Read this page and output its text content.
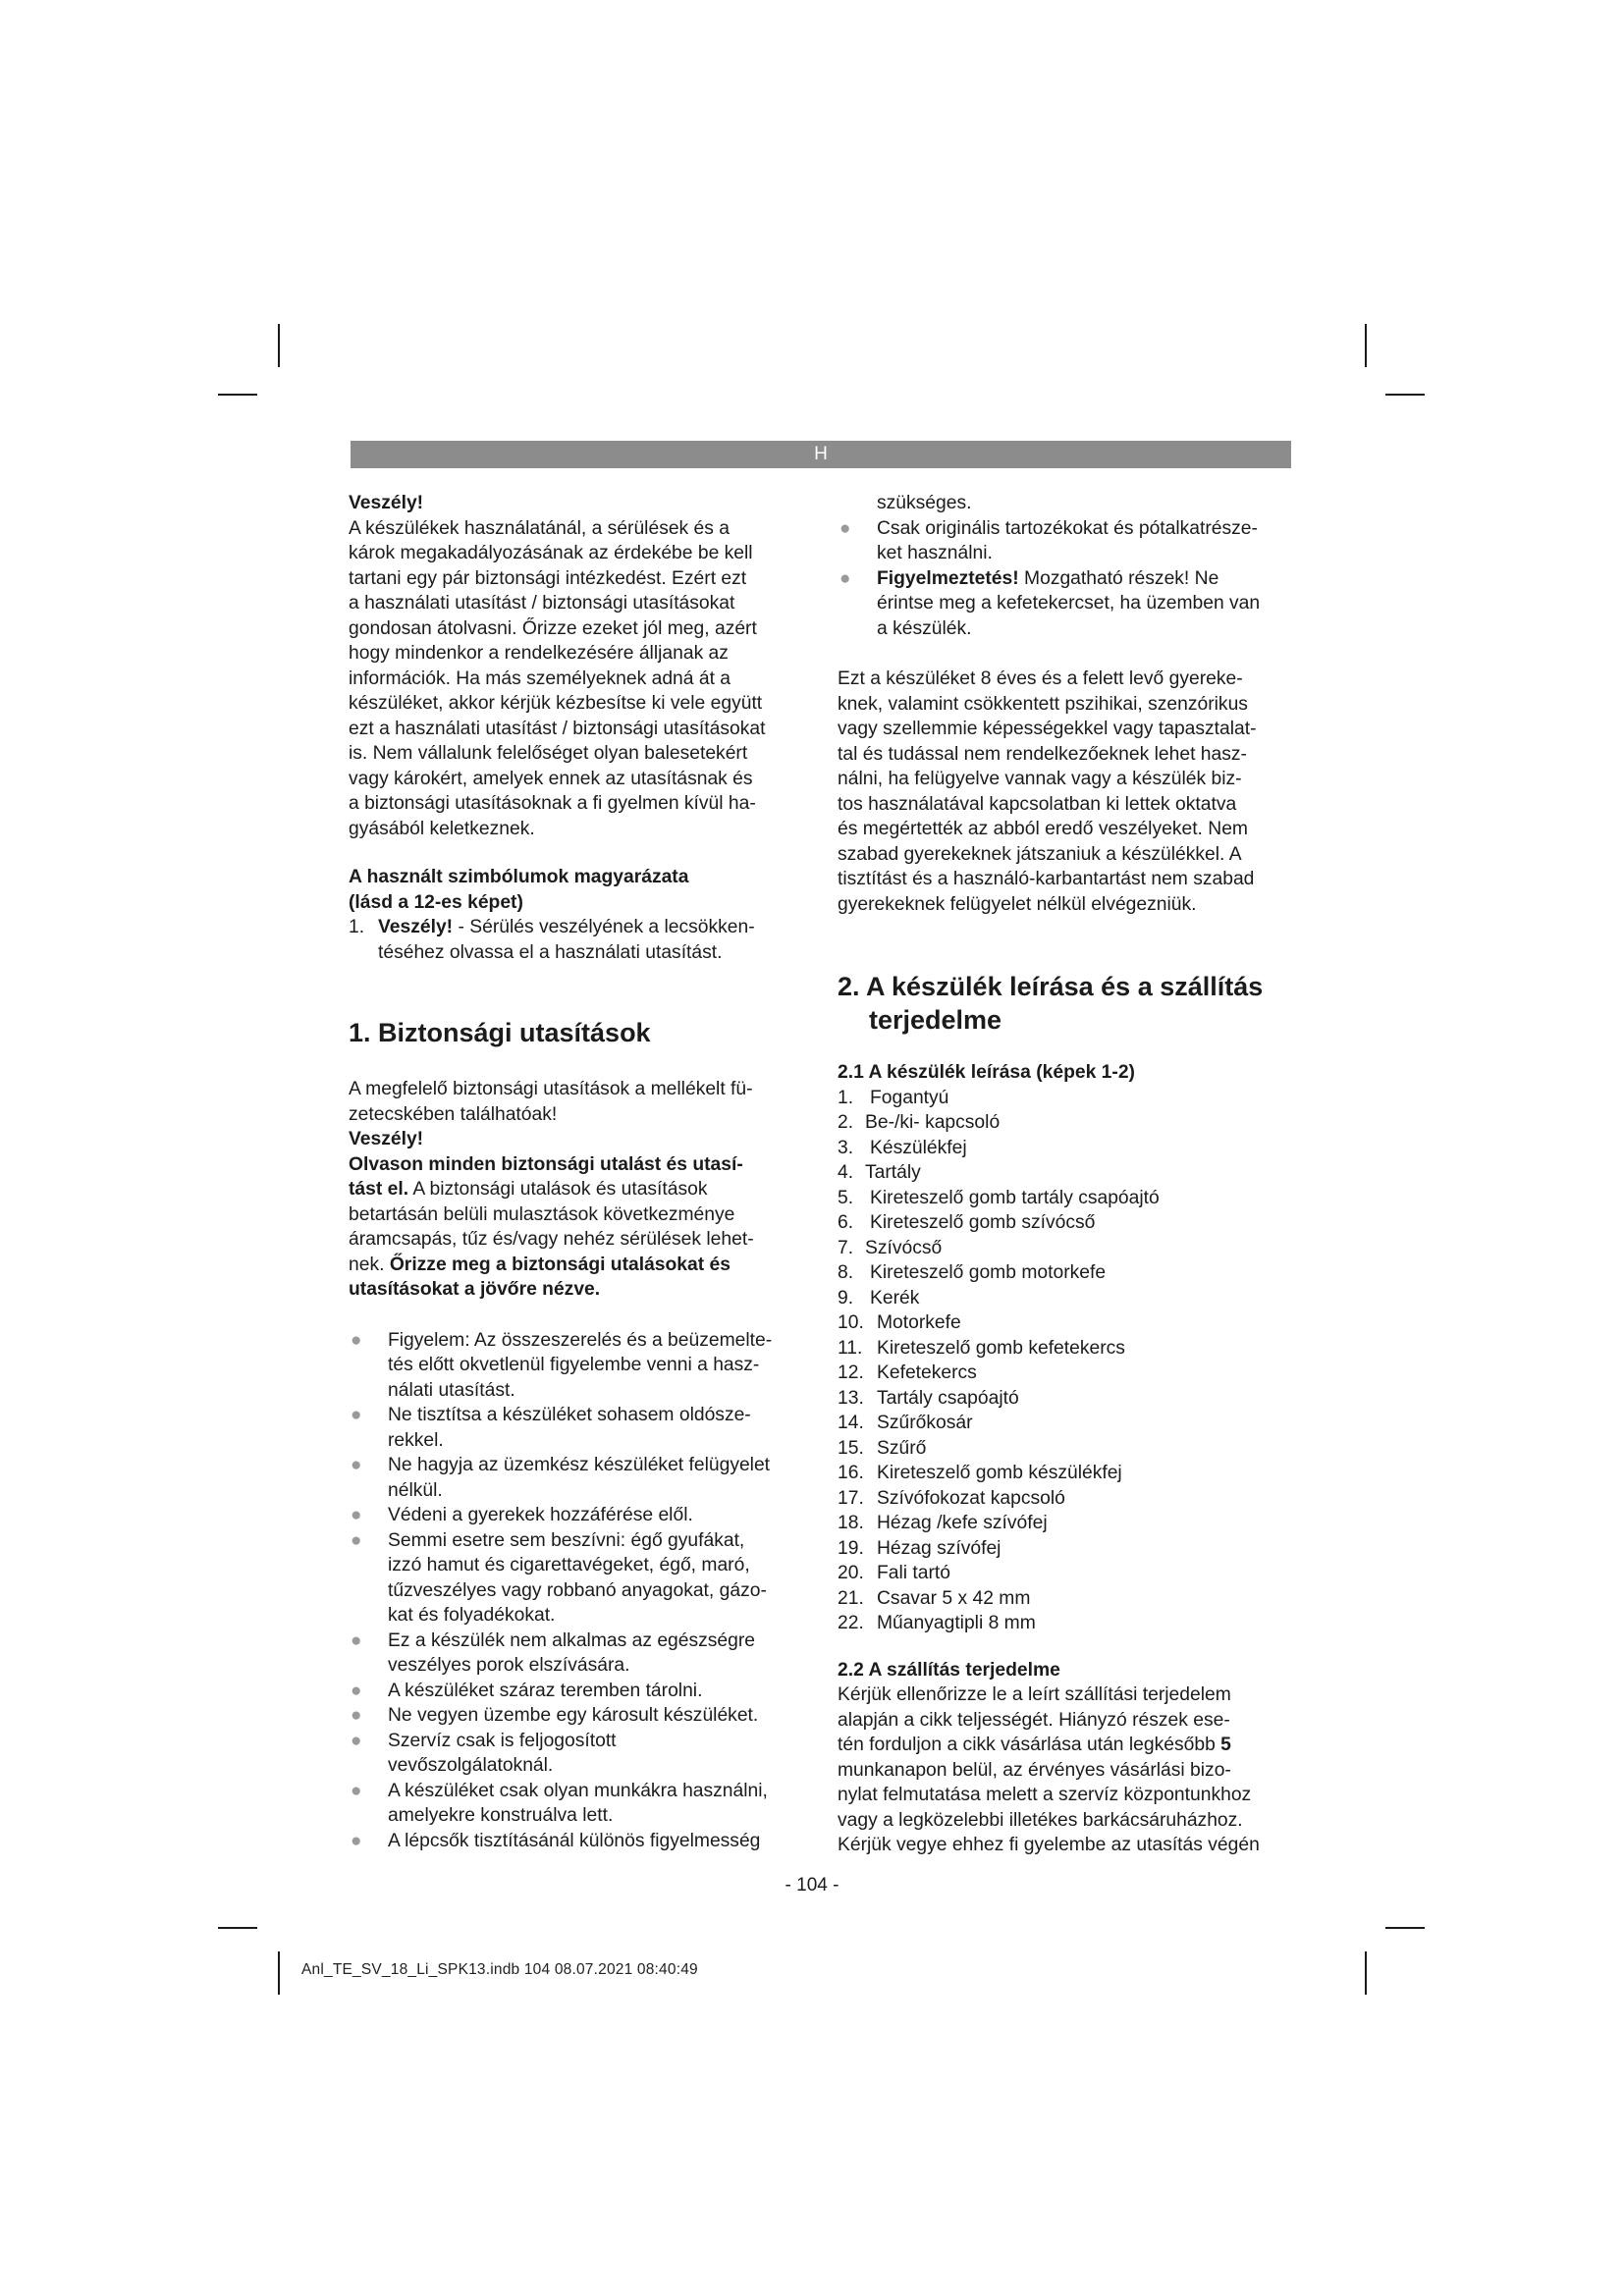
H

Veszély!

A készülékek használatánál, a sérülések és a

károk megakadályozásának az érdekébe be kell

tartani egy pár biztonsági intézkedést. Ezért ezt

a használati utasítást / biztonsági utasításokat

gondosan átolvasni. Őrizze ezeket jól meg, azért

hogy mindenkor a rendelkezésére álljanak az

információk. Ha más személyeknek adná át a

készüléket, akkor kérjük kézbesítse ki vele együtt

ezt a használati utasítást / biztonsági utasításokat

is. Nem vállalunk felelőséget olyan balesetekért

vagy károkért, amelyek ennek az utasításnak és

a biztonsági utasításoknak a fi gyelmen kívül ha-

gyásából keletkeznek.

A használt szimbólumok magyarázata

(lásd a 12-es képet)

1. Veszély! - Sérülés veszélyének a lecsökken-
téséhez olvassa el a használati utasítást.

1. Biztonsági utasítások

A megfelelő biztonsági utasítások a mellékelt fü-

zetecskében találhatóak!

Veszély!

Olvason minden biztonsági utalást és utasí-

tást el. A biztonsági utalások és utasítások

betartásán belüli mulasztások következménye

áramcsapás, tűz és/vagy nehéz sérülések lehet-

nek. Őrizze meg a biztonsági utalásokat és

utasításokat a jövőre nézve.

● Figyelem: Az összeszerelés és a beüzemelte-
tés előtt okvetlenül figyelembe venni a hasz-
nálati utasítást.
● Ne tisztítsa a készüléket sohasem oldósze-
rekkel.
● Ne hagyja az üzemkész készüléket felügyelet
nélkül.
● Védeni a gyerekek hozzáférése elől.
● Semmi esetre sem beszívni: égő gyufákat,
izzó hamut és cigarettavégeket, égő, maró,
tűzveszélyes vagy robbanó anyagokat, gázo-
kat és folyadékokat.
● Ez a készülék nem alkalmas az egészségre
veszélyes porok elszívására.
● A készüléket száraz teremben tárolni.
● Ne vegyen üzembe egy károsult készüléket.
● Szervíz csak is feljogosított
vevőszolgálatoknál.
● A készüléket csak olyan munkákra használni,
amelyekre konstruálva lett.
● A lépcsők tisztításánál különös figyelmesség

szükséges.

● Csak originális tartozékokat és pótalkatrésze-
ket használni.
● Figyelmeztetés! Mozgatható részek! Ne
érintse meg a kefetekercset, ha üzemben van
a készülék.

Ezt a készüléket 8 éves és a felett levő gyereke-

knek, valamint csökkentett pszihikai, szenzórikus

vagy szellemmie képességekkel vagy tapasztalat-

tal és tudással nem rendelkezőeknek lehet hasz-

nálni, ha felügyelve vannak vagy a készülék biz-

tos használatával kapcsolatban ki lettek oktatva

és megértették az abból eredő veszélyeket. Nem

szabad gyerekeknek játszaniuk a készülékkel. A

tisztítást és a használó-karbantartást nem szabad

gyerekeknek felügyelet nélkül elvégezniük.

2. A készülék leírása és a szállítás

terjedelme

2.1 A készülék leírása (képek 1-2)

1. Fogantyú
2. Be-/ki- kapcsoló
3. Készülékfej
4. Tartály
5. Kireteszelő gomb tartály csapóajtó
6. Kireteszelő gomb szívócső
7. Szívócső
8. Kireteszelő gomb motorkefe
9. Kerék
10. Motorkefe
11. Kireteszelő gomb kefetekercs
12. Kefetekercs
13. Tartály csapóajtó
14. Szűrőkosár
15. Szűrő
16. Kireteszelő gomb készülékfej
17. Szívófokozat kapcsoló
18. Hézag /kefe szívófej
19. Hézag szívófej
20. Fali tartó
21. Csavar 5 x 42 mm
22. Műanyagtipli 8 mm

2.2 A szállítás terjedelme

Kérjük ellenőrizze le a leírt szállítási terjedelem

alapján a cikk teljességét. Hiányzó részek ese-

tén forduljon a cikk vásárlása után legkésőbb 5

munkanapon belül, az érvényes vásárlási bizo-

nylat felmutatása melett a szervíz központunkhoz

vagy a legközelebbi illetékes barkácsáruházhoz.

Kérjük vegye ehhez fi gyelembe az utasítás végén

- 104 -
Anl_TE_SV_18_Li_SPK13.indb 104 08.07.2021 08:40:49
